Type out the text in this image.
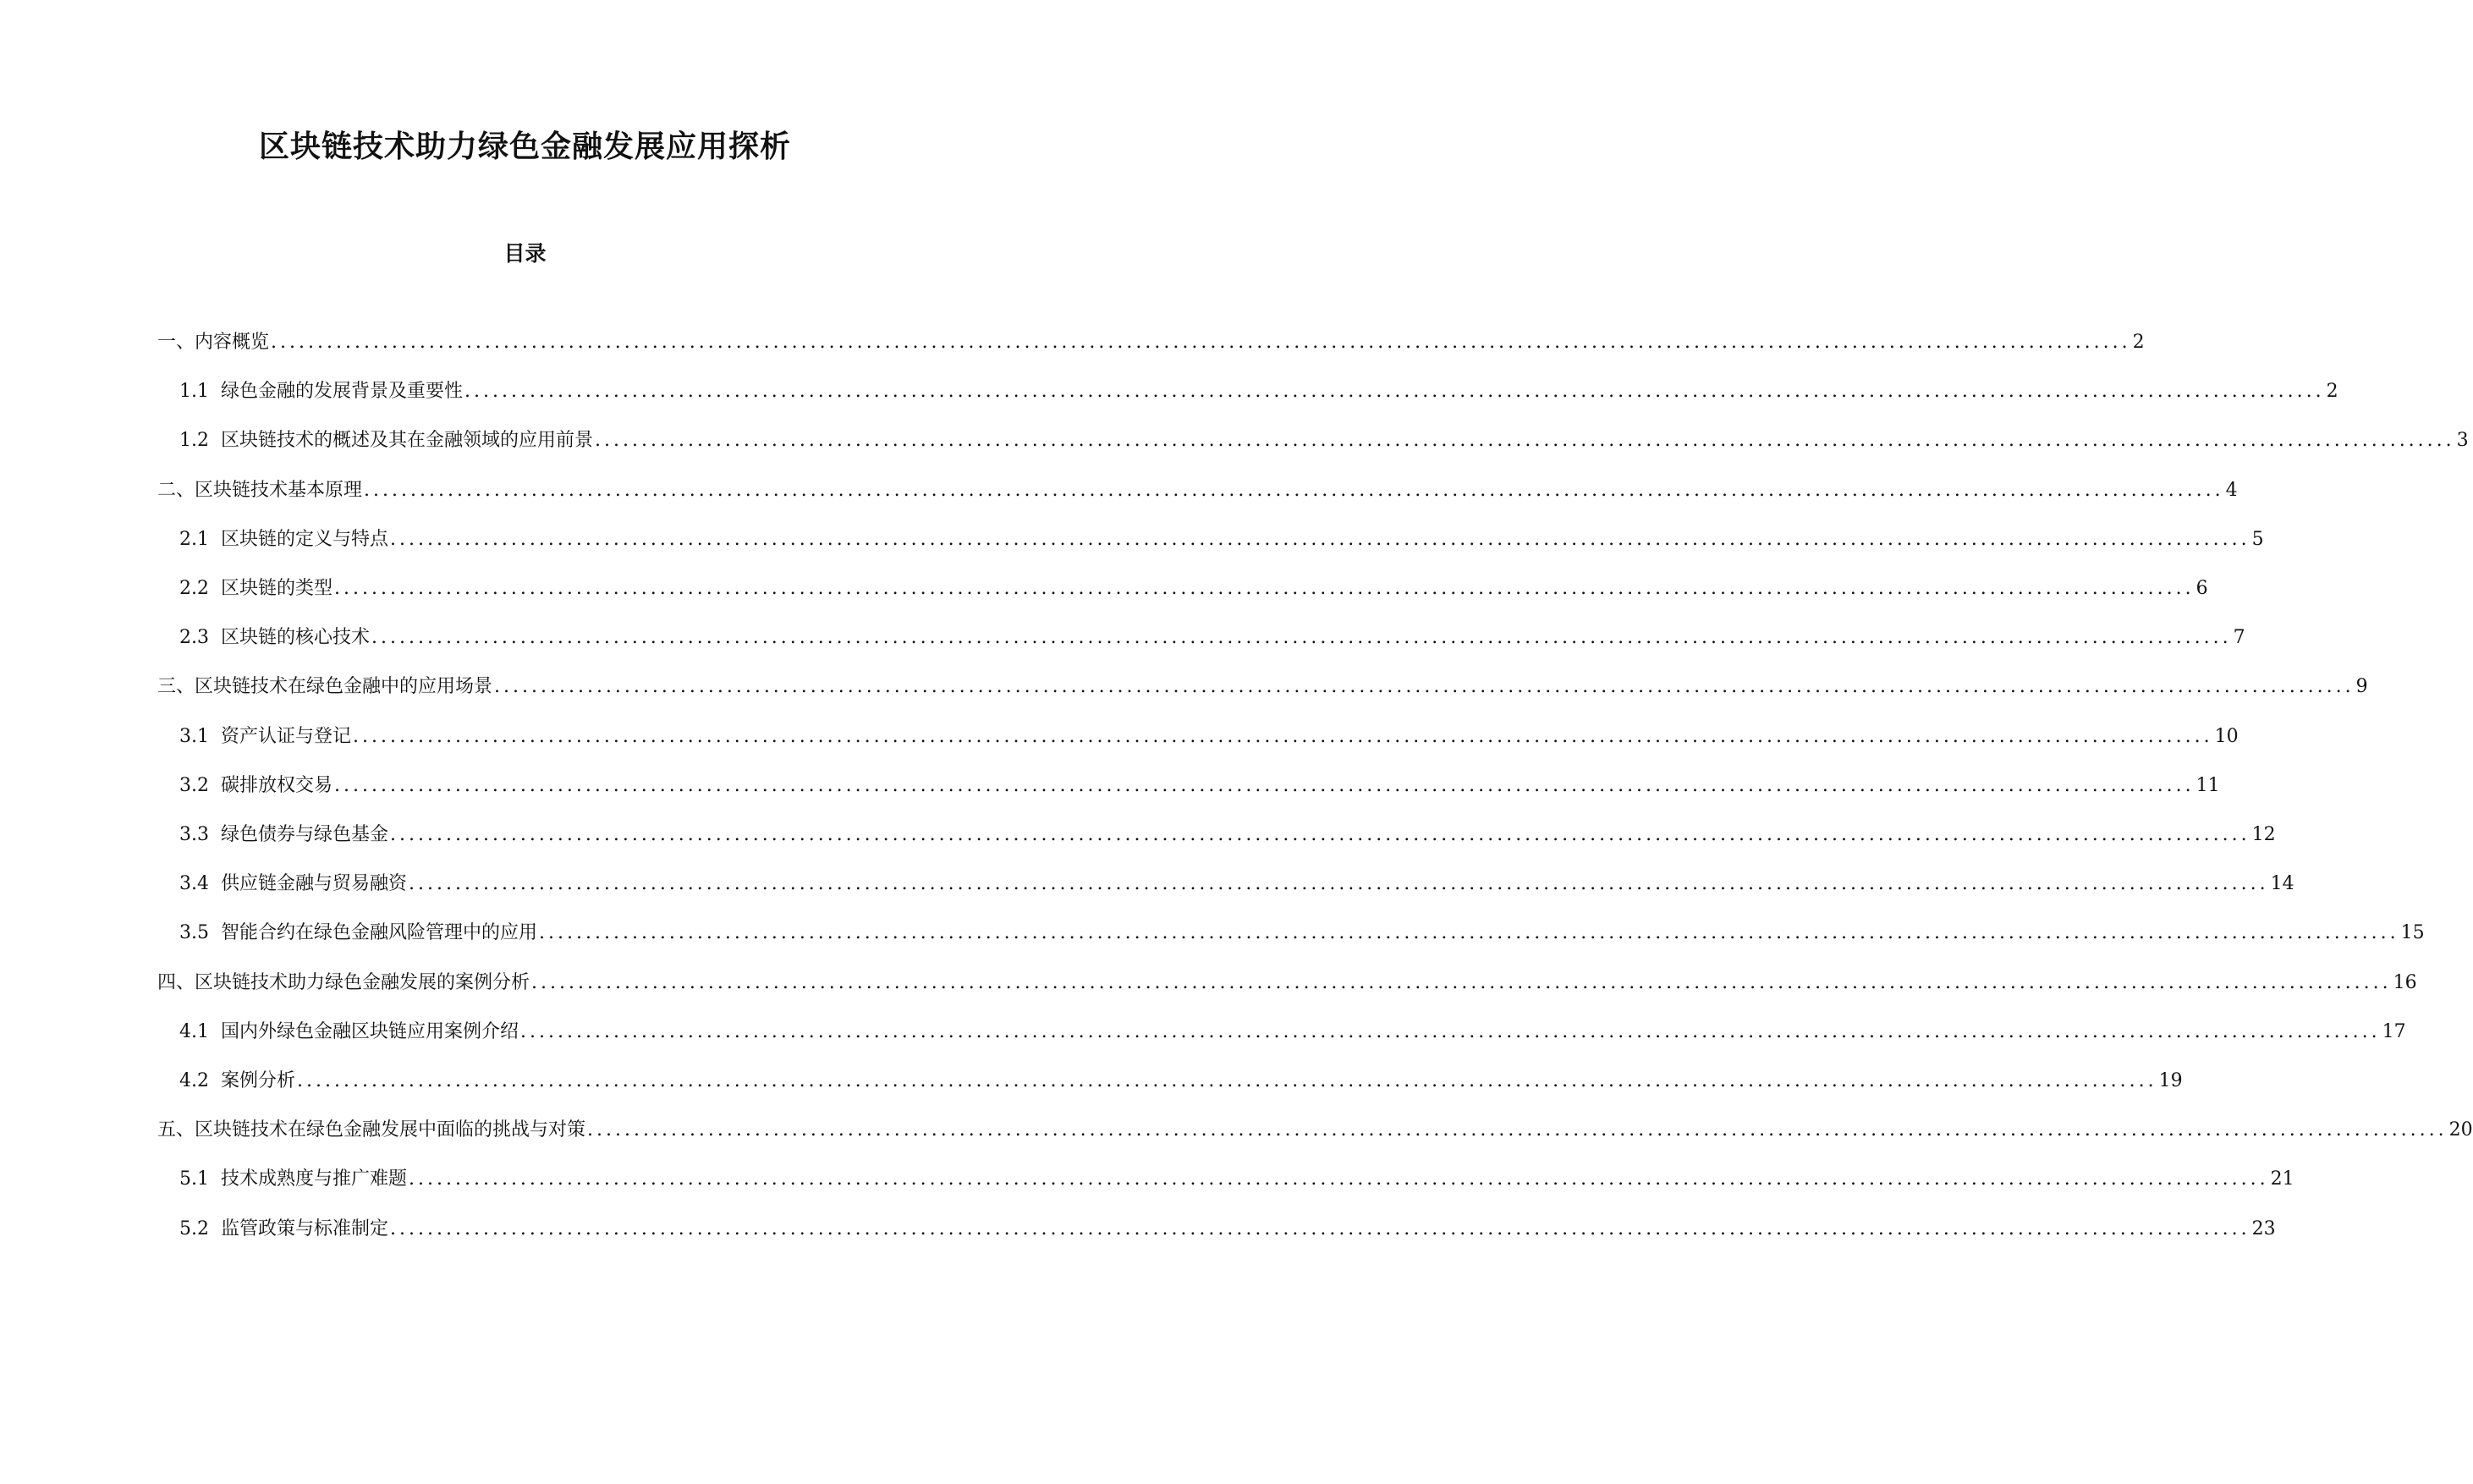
区块链技术助力绿色金融发展应用探析
目录
一、内容概览 ........................................................................................................................................................................................................ 2
1.1 绿色金融的发展背景及重要性 ........................................................................................................................................................................................................ 2
1.2 区块链技术的概述及其在金融领域的应用前景 ........................................................................................................................................................................................................ 3
二、区块链技术基本原理 ........................................................................................................................................................................................................ 4
2.1 区块链的定义与特点 ........................................................................................................................................................................................................ 5
2.2 区块链的类型 ........................................................................................................................................................................................................ 6
2.3 区块链的核心技术 ........................................................................................................................................................................................................ 7
三、区块链技术在绿色金融中的应用场景 ........................................................................................................................................................................................................ 9
3.1 资产认证与登记 ........................................................................................................................................................................................................ 10
3.2 碳排放权交易 ........................................................................................................................................................................................................ 11
3.3 绿色债券与绿色基金 ........................................................................................................................................................................................................ 12
3.4 供应链金融与贸易融资 ........................................................................................................................................................................................................ 14
3.5 智能合约在绿色金融风险管理中的应用 ........................................................................................................................................................................................................ 15
四、区块链技术助力绿色金融发展的案例分析 ........................................................................................................................................................................................................ 16
4.1 国内外绿色金融区块链应用案例介绍 ........................................................................................................................................................................................................ 17
4.2 案例分析 ........................................................................................................................................................................................................ 19
五、区块链技术在绿色金融发展中面临的挑战与对策 ........................................................................................................................................................................................................ 20
5.1 技术成熟度与推广难题 ........................................................................................................................................................................................................ 21
5.2 监管政策与标准制定 ........................................................................................................................................................................................................ 23
